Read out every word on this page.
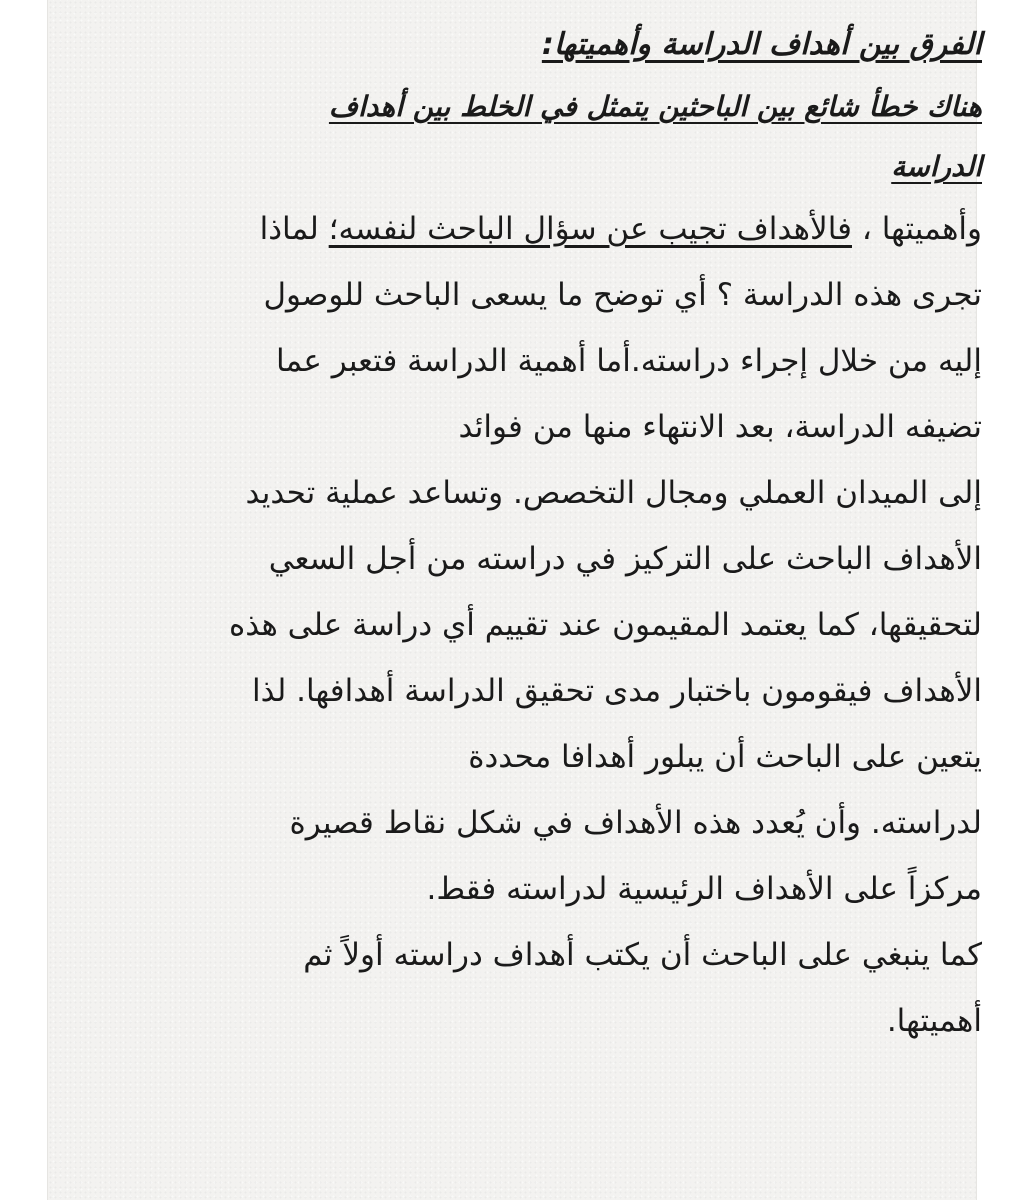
الفرق بين أهداف الدراسة وأهميتها:
هناك خطأ شائع بين الباحثين يتمثل في الخلط بين أهداف
الدراسة
وأهميتها ، فالأهداف تجيب عن سؤال الباحث لنفسه؛ لماذا
تجرى هذه الدراسة ؟ أي توضح ما يسعى الباحث للوصول
إليه من خلال إجراء دراسته.أما أهمية الدراسة فتعبر عما
تضيفه الدراسة، بعد الانتهاء منها من فوائد
إلى الميدان العملي ومجال التخصص. وتساعد عملية تحديد
الأهداف الباحث على التركيز في دراسته من أجل السعي
لتحقيقها، كما يعتمد المقيمون عند تقييم أي دراسة على هذه
الأهداف فيقومون باختبار مدى تحقيق الدراسة أهدافها. لذا
يتعين على الباحث أن يبلور أهدافا محددة
لدراسته. وأن يُعدد هذه الأهداف في شكل نقاط قصيرة
مركزاً على الأهداف الرئيسية لدراسته فقط.
كما ينبغي على الباحث أن يكتب أهداف دراسته أولاً ثم
أهميتها.
